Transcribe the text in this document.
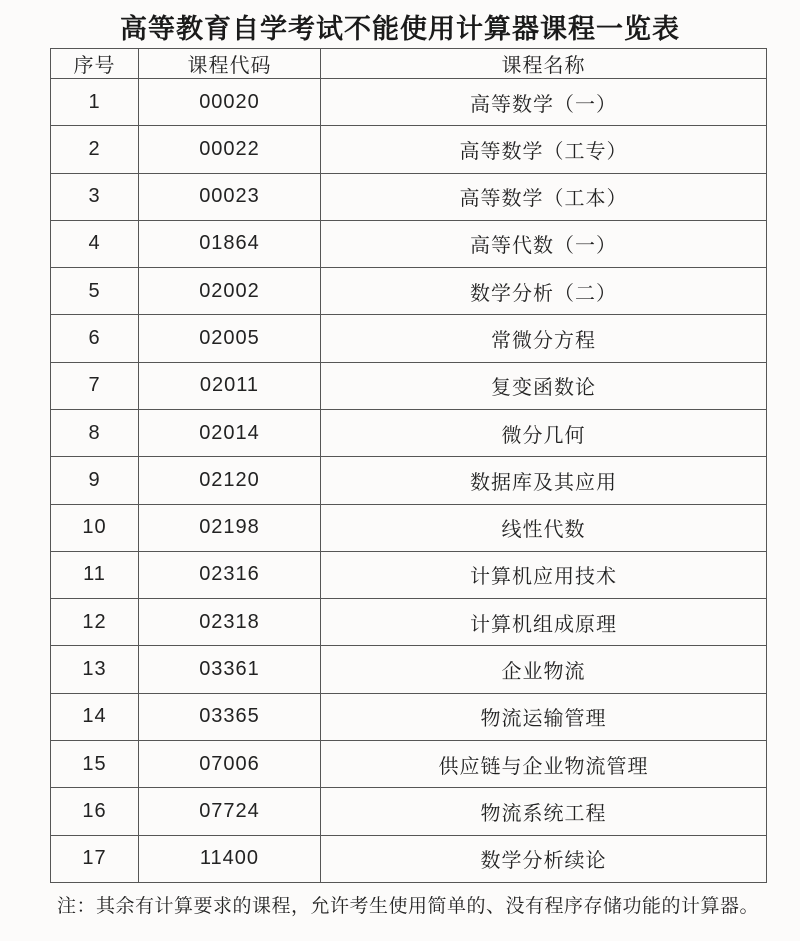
高等教育自学考试不能使用计算器课程一览表
序号	课程代码	课程名称
1	00020	高等数学（一）
2	00022	高等数学（工专）
3	00023	高等数学（工本）
4	01864	高等代数（一）
5	02002	数学分析（二）
6	02005	常微分方程
7	02011	复变函数论
8	02014	微分几何
9	02120	数据库及其应用
10	02198	线性代数
11	02316	计算机应用技术
12	02318	计算机组成原理
13	03361	企业物流
14	03365	物流运输管理
15	07006	供应链与企业物流管理
16	07724	物流系统工程
17	11400	数学分析续论

注：其余有计算要求的课程，允许考生使用简单的、没有程序存储功能的计算器。
